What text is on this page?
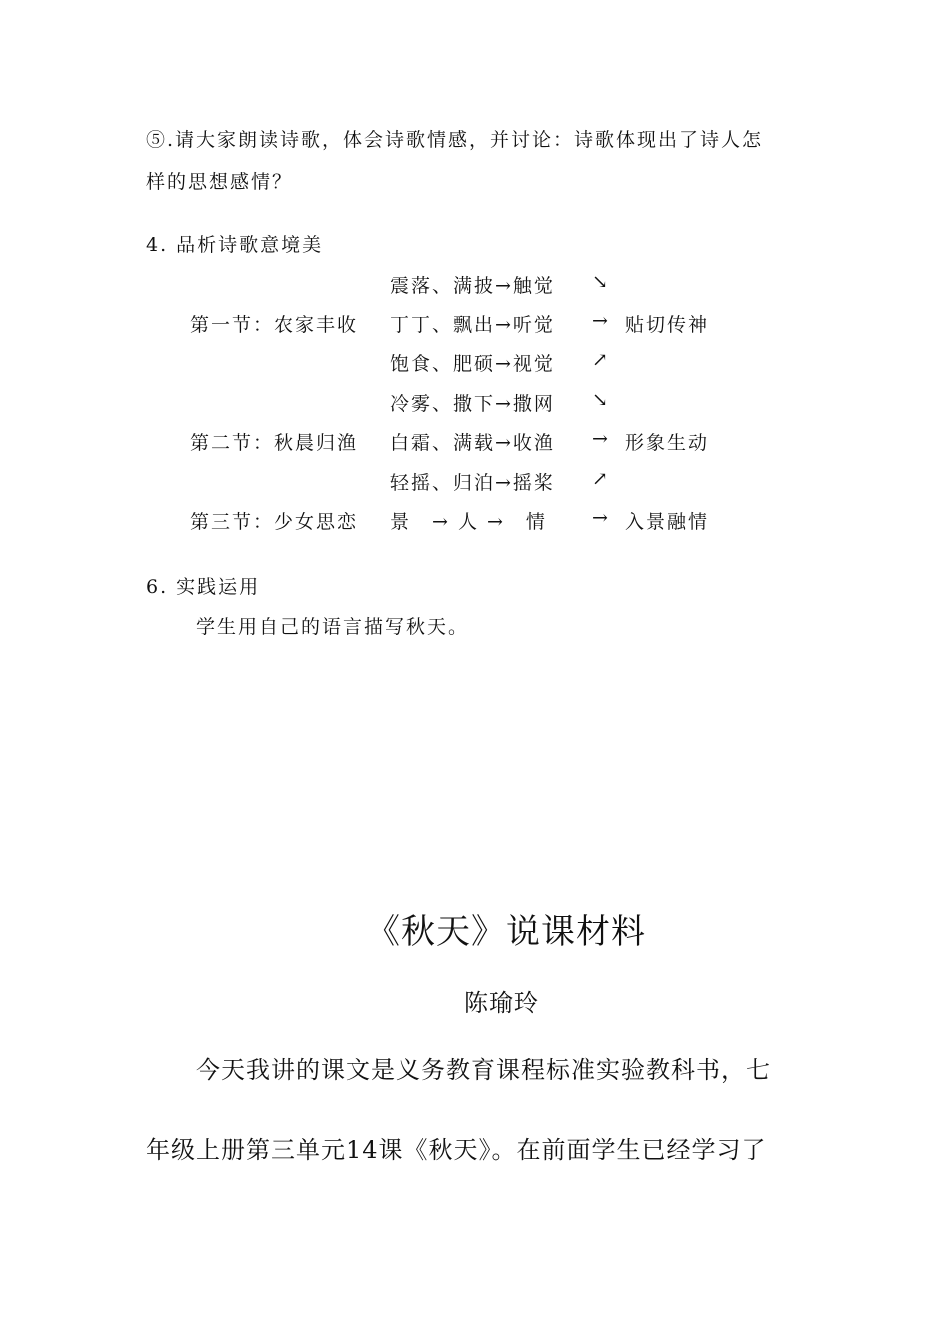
⑤.请大家朗读诗歌，体会诗歌情感，并讨论：诗歌体现出了诗人怎
样的思想感情？
4. 品析诗歌意境美
震落、满披→触觉 ↘
第一节：农家丰收 丁丁、飘出→听觉 → 贴切传神
饱食、肥硕→视觉 ↗
冷雾、撒下→撒网 ↘
第二节：秋晨归渔 白霜、满载→收渔 → 形象生动
轻摇、归泊→摇桨 ↗
第三节：少女思恋 景　→ 人 →　情 → 入景融情
6. 实践运用
学生用自己的语言描写秋天。
《秋天》说课材料
陈瑜玲
今天我讲的课文是义务教育课程标准实验教科书，七
年级上册第三单元14课《秋天》。在前面学生已经学习了
